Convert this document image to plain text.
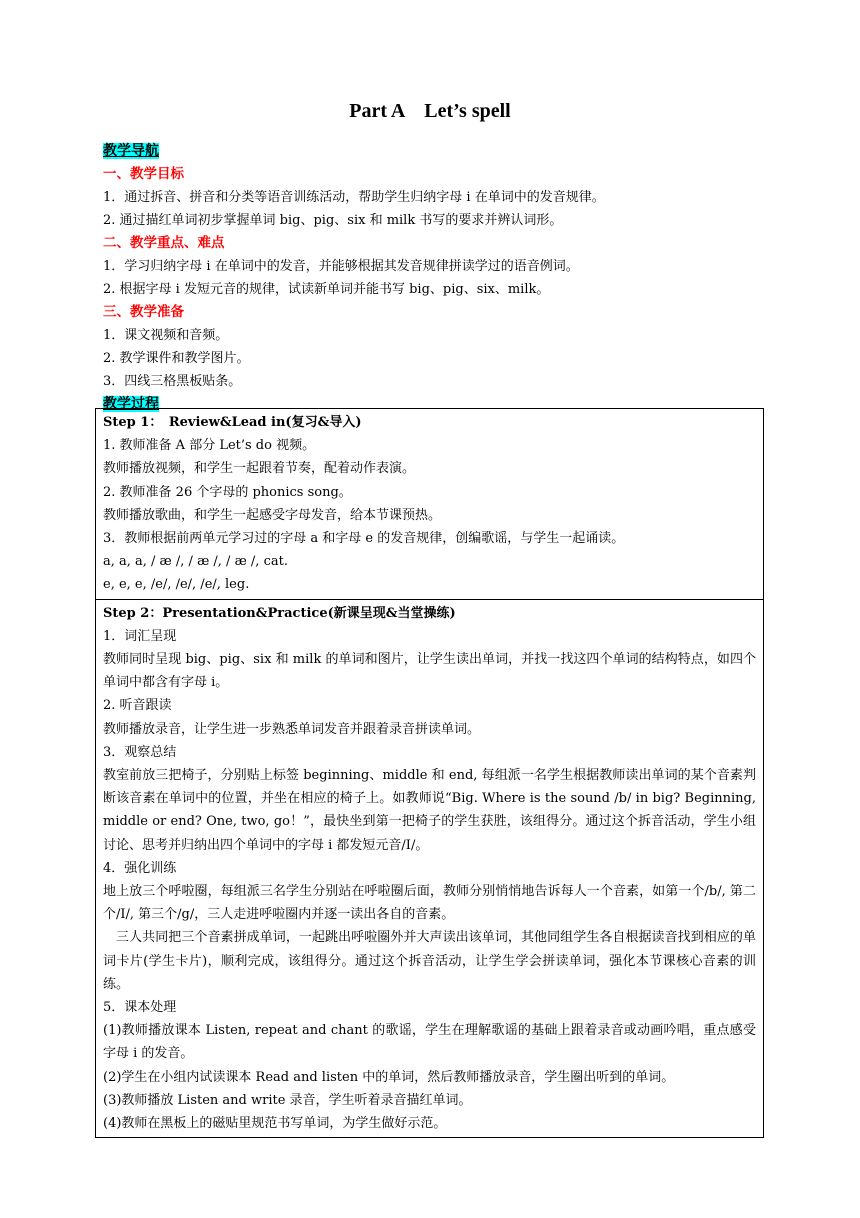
Part A　Let’s spell
教学导航
一、教学目标
1．通过拆音、拼音和分类等语音训练活动，帮助学生归纳字母 i 在单词中的发音规律。
2. 通过描红单词初步掌握单词 big、pig、six 和 milk 书写的要求并辨认词形。
二、教学重点、难点
1．学习归纳字母 i 在单词中的发音，并能够根据其发音规律拼读学过的语音例词。
2. 根据字母 i 发短元音的规律，试读新单词并能书写 big、pig、six、milk。
三、教学准备
1．课文视频和音频。
2. 教学课件和教学图片。
3．四线三格黑板贴条。
教学过程
Step 1：　Review&Lead in(复习&导入)
1. 教师准备 A 部分 Let’s do 视频。
教师播放视频，和学生一起跟着节奏，配着动作表演。
2. 教师准备 26 个字母的 phonics song。
教师播放歌曲，和学生一起感受字母发音，给本节课预热。
3．教师根据前两单元学习过的字母 a 和字母 e 的发音规律，创编歌谣，与学生一起诵读。
a, a, a, / æ /, / æ /, / æ /, cat.
e, e, e, /e/, /e/, /e/, leg.
Step 2：Presentation&Practice(新课呈现&当堂操练)
1．词汇呈现
教师同时呈现 big、pig、six 和 milk 的单词和图片，让学生读出单词，并找一找这四个单词的结构特点，如四个单词中都含有字母 i。
2. 听音跟读
教师播放录音，让学生进一步熟悉单词发音并跟着录音拼读单词。
3．观察总结
教室前放三把椅子，分别贴上标签 beginning、middle 和 end, 每组派一名学生根据教师读出单词的某个音素判断该音素在单词中的位置，并坐在相应的椅子上。如教师说“Big. Where is the sound /b/ in big? Beginning, middle or end? One, two, go！”，最快坐到第一把椅子的学生获胜，该组得分。通过这个拆音活动，学生小组讨论、思考并归纳出四个单词中的字母 i 都发短元音/I/。
4．强化训练
地上放三个呼啦圈，每组派三名学生分别站在呼啦圈后面，教师分别悄悄地告诉每人一个音素，如第一个/b/, 第二个/I/, 第三个/g/，三人走进呼啦圈内并逐一读出各自的音素。
　三人共同把三个音素拼成单词，一起跳出呼啦圈外并大声读出该单词，其他同组学生各自根据读音找到相应的单词卡片(学生卡片)，顺利完成，该组得分。通过这个拆音活动，让学生学会拼读单词，强化本节课核心音素的训练。
5．课本处理
(1)教师播放课本 Listen, repeat and chant 的歌谣，学生在理解歌谣的基础上跟着录音或动画吟唱，重点感受字母 i 的发音。
(2)学生在小组内试读课本 Read and listen 中的单词，然后教师播放录音，学生圈出听到的单词。
(3)教师播放 Listen and write 录音，学生听着录音描红单词。
(4)教师在黑板上的磁贴里规范书写单词，为学生做好示范。
